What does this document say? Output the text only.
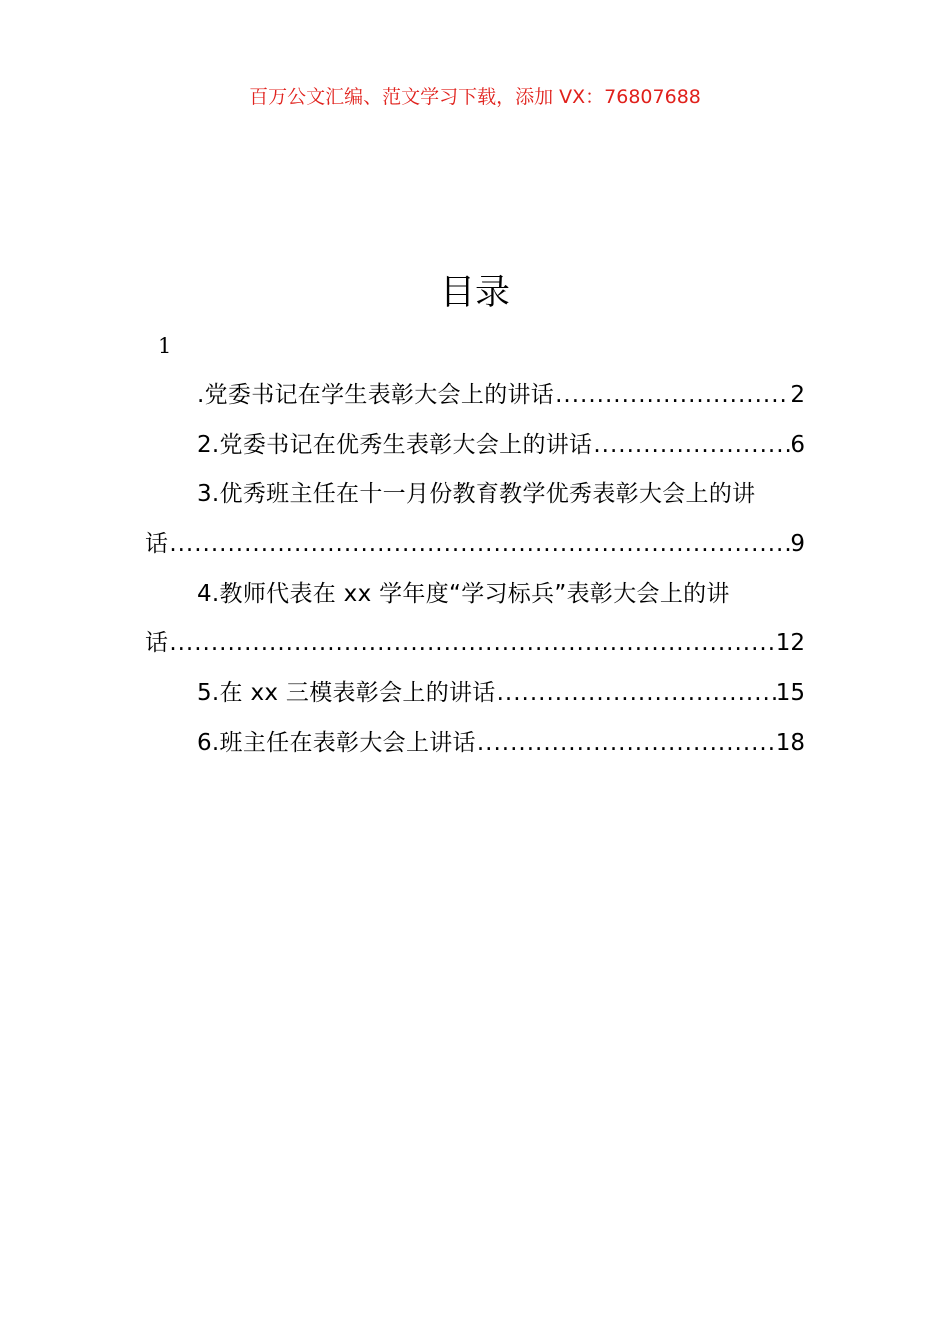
百万公文汇编、范文学习下载，添加 VX：76807688
目录
1
.党委书记在学生表彰大会上的讲话 .....	2
2.党委书记在优秀生表彰大会上的讲话 .....	6
3.优秀班主任在十一月份教育教学优秀表彰大会上的讲
话 .....	9
4.教师代表在 xx 学年度“学习标兵”表彰大会上的讲
话 .....	12
5.在 xx 三模表彰会上的讲话 .....	15
6.班主任在表彰大会上讲话 .....	18
